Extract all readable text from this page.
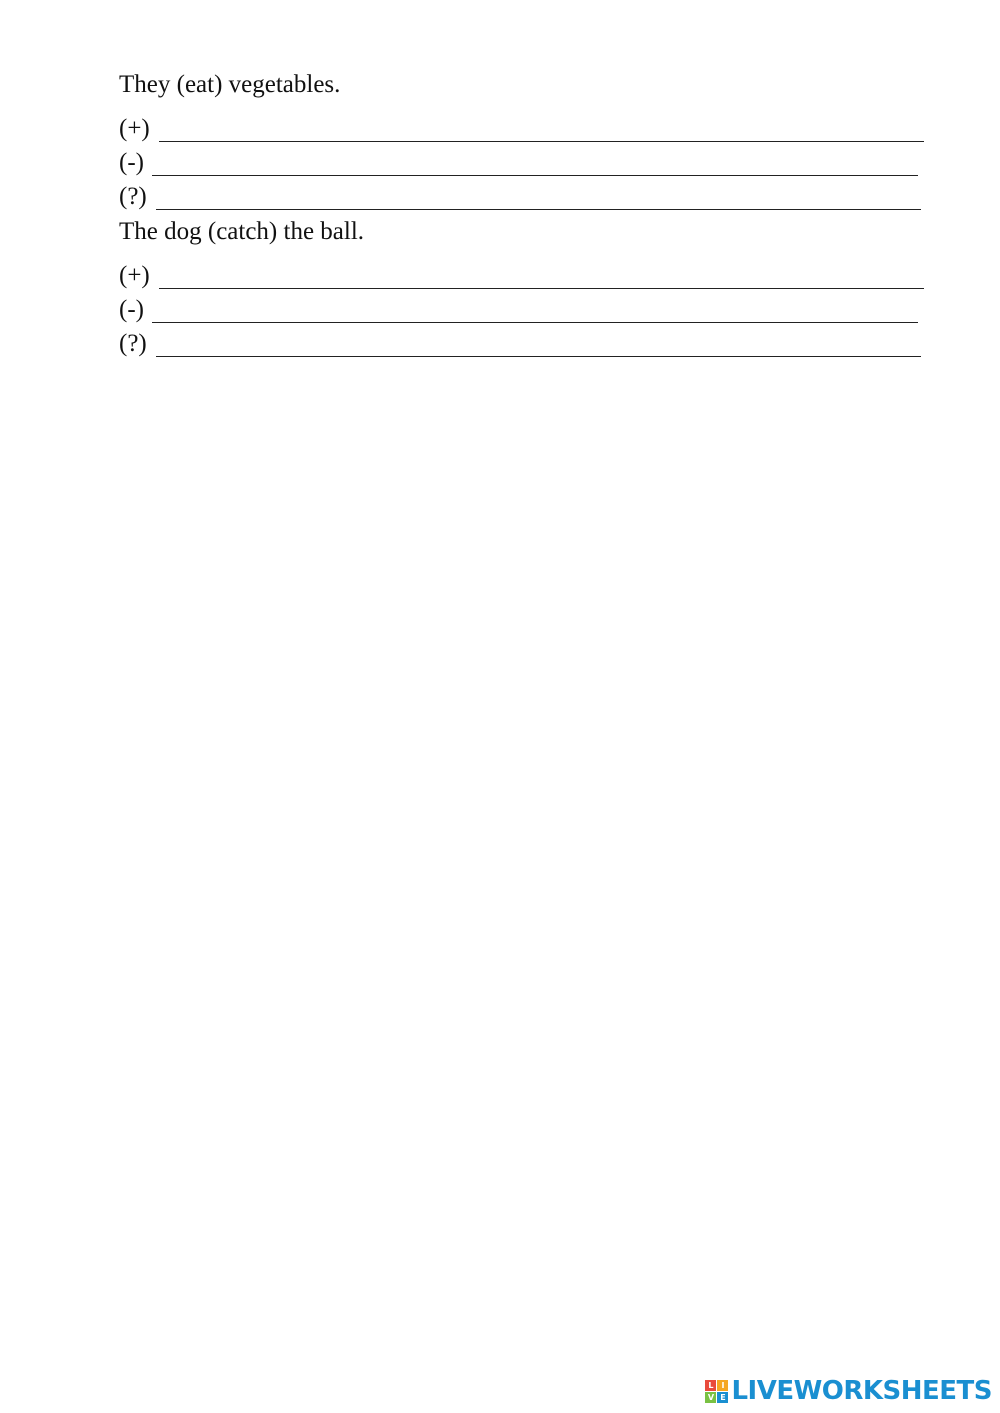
They (eat) vegetables.
(+)
(-)
(?)
The dog (catch) the ball.
(+)
(-)
(?)
L I
V E LIVEWORKSHEETS
